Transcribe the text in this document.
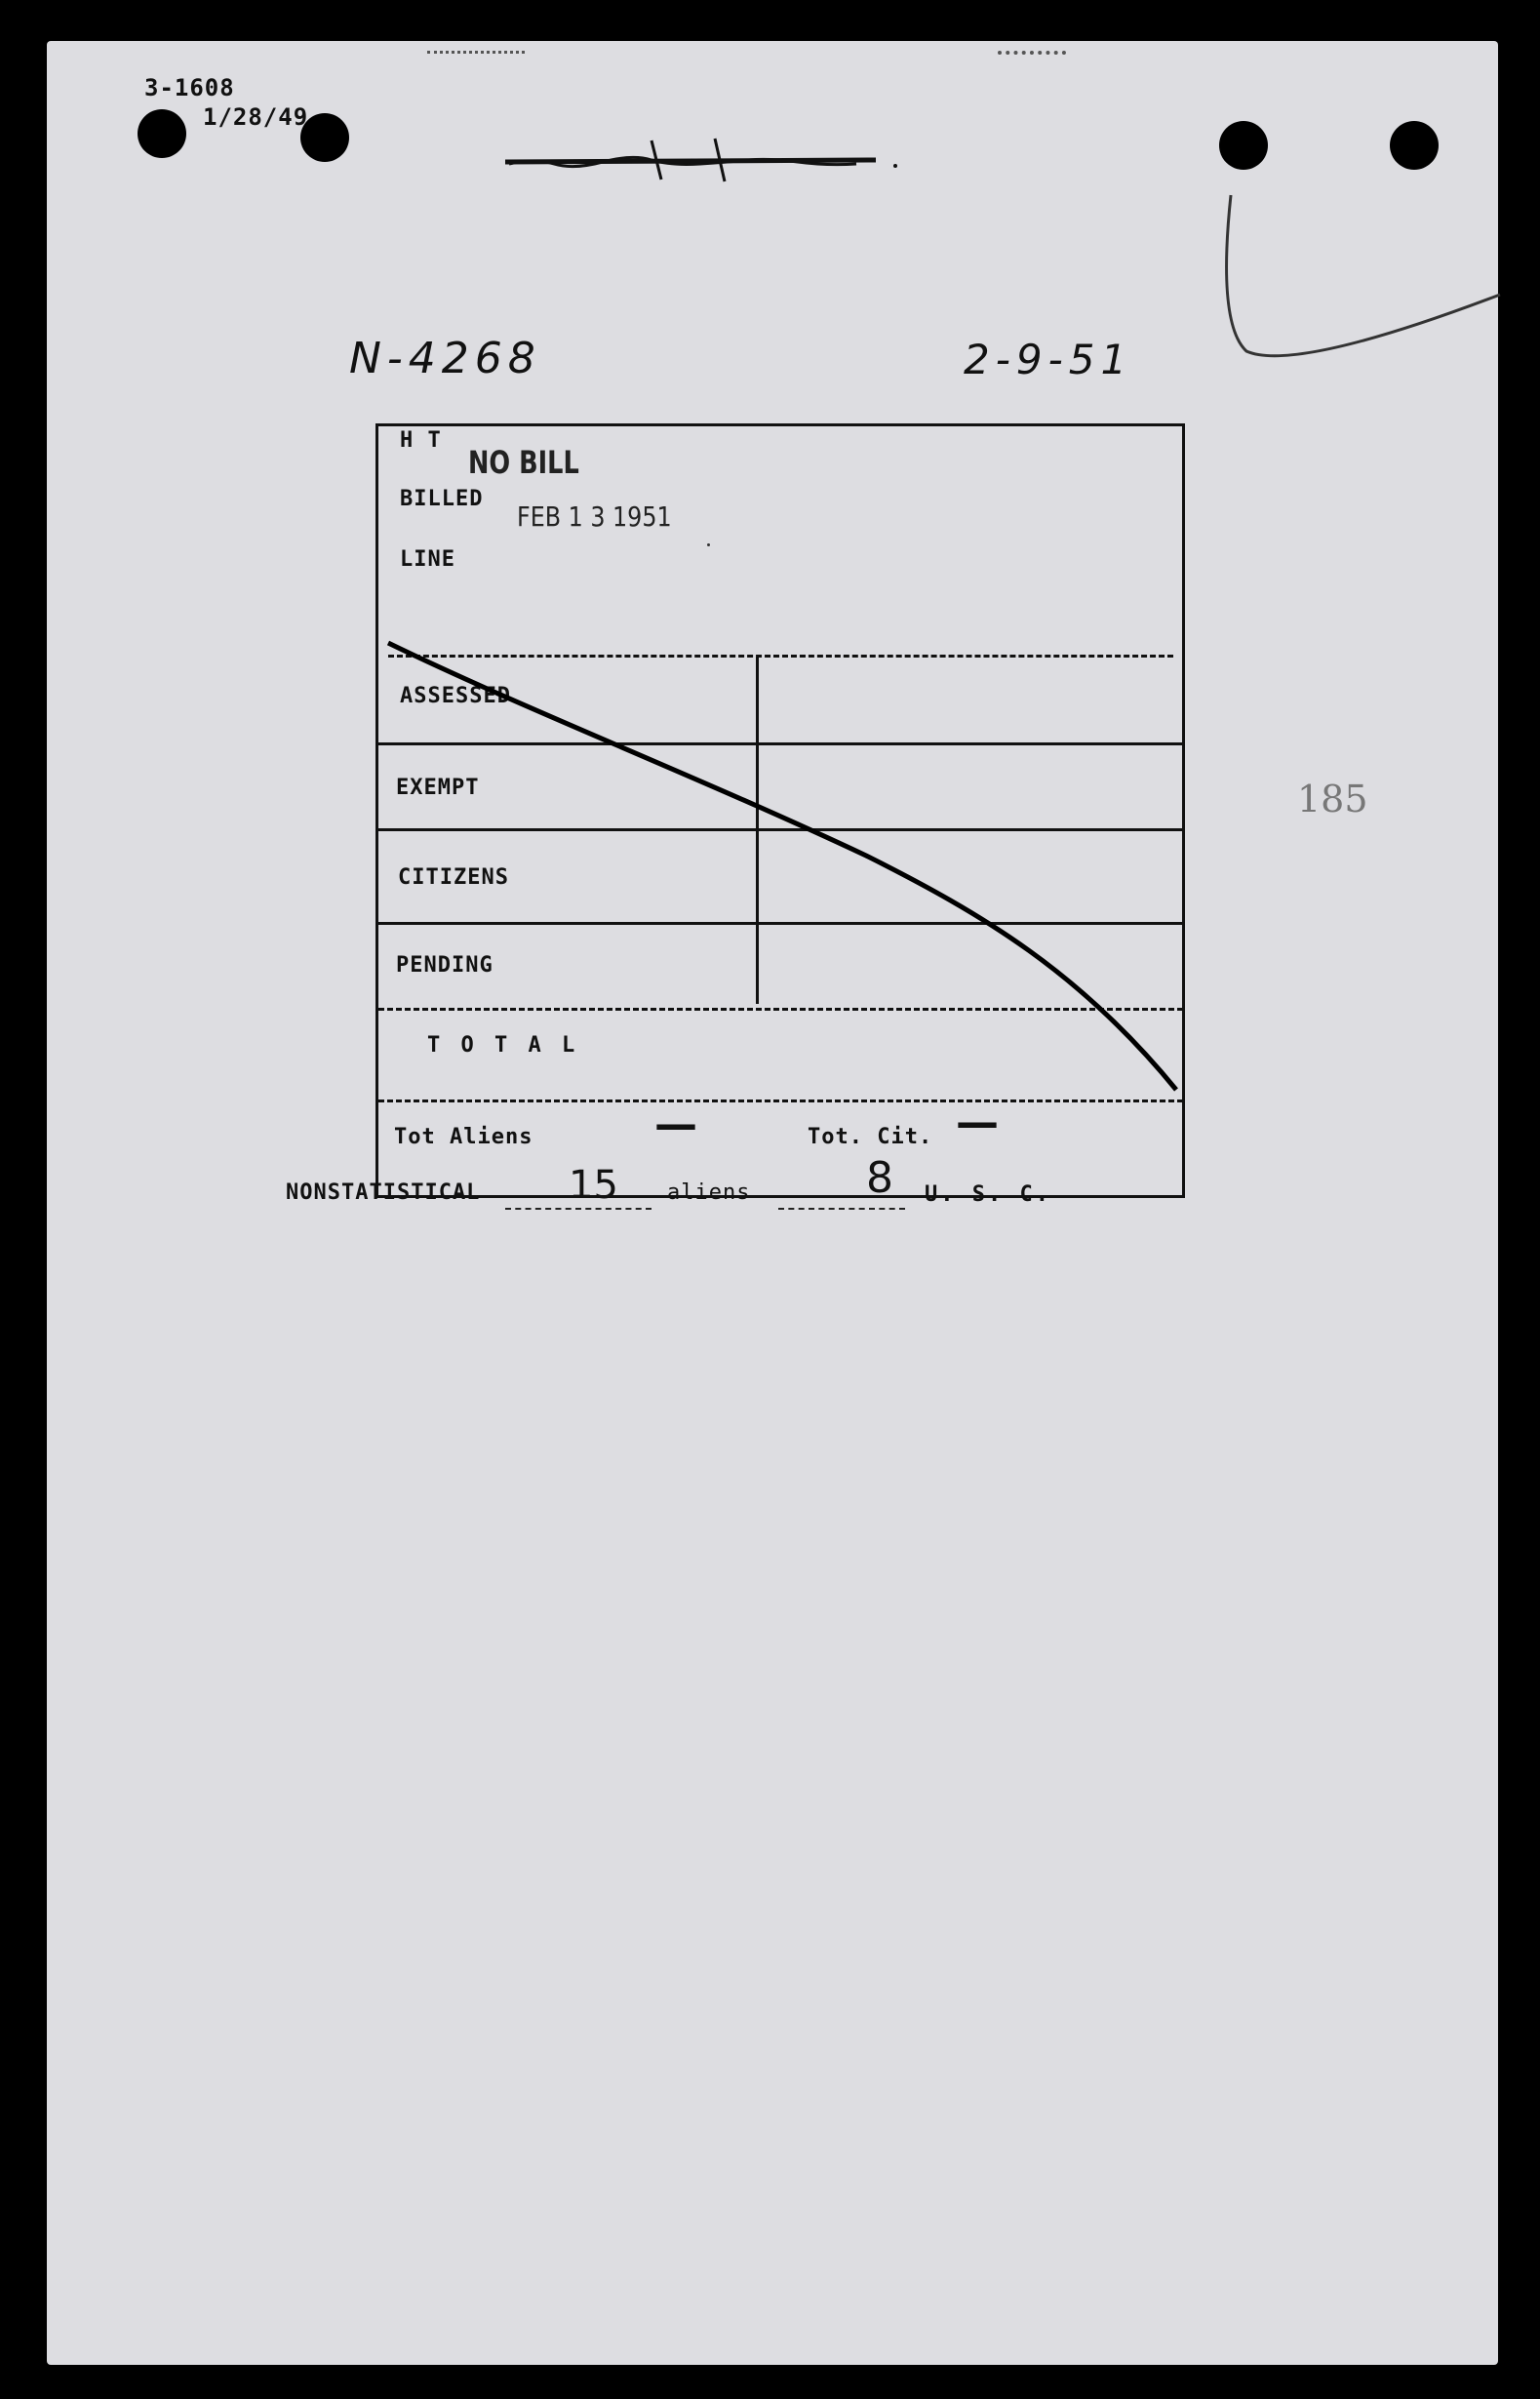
3-1608
1/28/49
N-4268	2-9-51
185
H T
BILLED
LINE
ASSESSED
EXEMPT
CITIZENS
PENDING
T O T A L
Tot Aliens	—	Tot. Cit. —
NO BILL
FEB 1 3 1951
NONSTATISTICAL 15 aliens	8 U. S. C.
